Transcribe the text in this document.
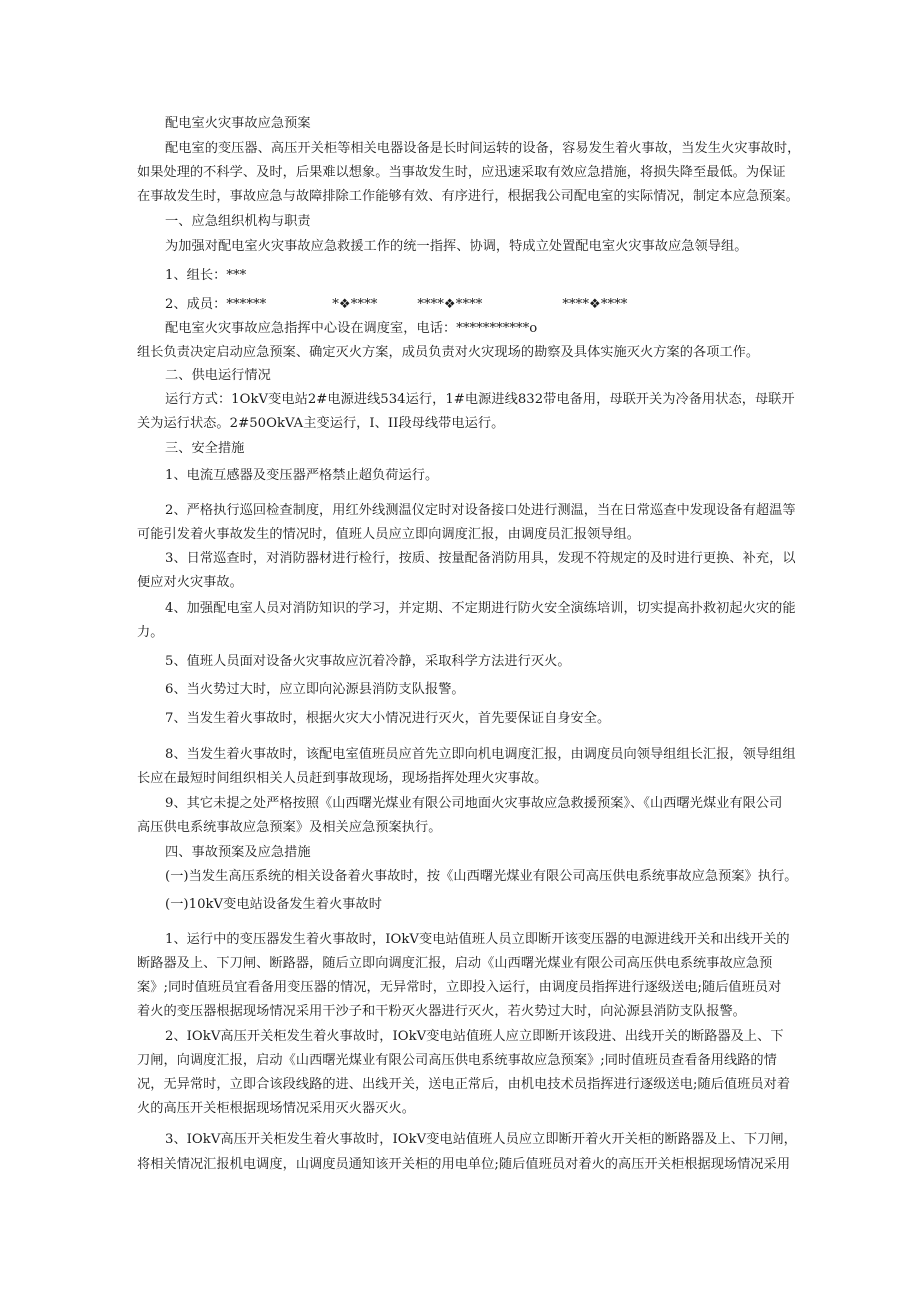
配电室火灾事故应急预案
配电室的变压器、高压开关柜等相关电器设备是长时间运转的设备，容易发生着火事故，当发生火灾事故时，
如果处理的不科学、及时，后果难以想象。当事故发生时，应迅速采取有效应急措施，将损失降至最低。为保证
在事故发生时，事故应急与故障排除工作能够有效、有序进行，根据我公司配电室的实际情况，制定本应急预案。
一、应急组织机构与职责
为加强对配电室火灾事故应急救援工作的统一指挥、协调，特成立处置配电室火灾事故应急领导组。
1、组长：***
2、成员：******	*❖****	****❖****	****❖****
配电室火灾事故应急指挥中心设在调度室，电话：***********o
组长负责决定启动应急预案、确定灭火方案，成员负责对火灾现场的勘察及具体实施灭火方案的各项工作。
二、供电运行情况
运行方式：1OkV变电站2#电源进线534运行，1#电源进线832带电备用，母联开关为冷备用状态，母联开
关为运行状态。2#50OkVA主变运行，I、II段母线带电运行。
三、安全措施
1、电流互感器及变压器严格禁止超负荷运行。
2、严格执行巡回检查制度，用红外线测温仪定时对设备接口处进行测温，当在日常巡查中发现设备有超温等
可能引发着火事故发生的情况时，值班人员应立即向调度汇报，由调度员汇报领导组。
3、日常巡查时，对消防器材进行检行，按质、按量配备消防用具，发现不符规定的及时进行更换、补充，以
便应对火灾事故。
4、加强配电室人员对消防知识的学习，并定期、不定期进行防火安全演练培训，切实提高扑救初起火灾的能
力。
5、值班人员面对设备火灾事故应沉着冷静，采取科学方法进行灭火。
6、当火势过大时，应立即向沁源县消防支队报警。
7、当发生着火事故时，根据火灾大小情况进行灭火，首先要保证自身安全。
8、当发生着火事故时，该配电室值班员应首先立即向机电调度汇报，由调度员向领导组组长汇报，领导组组
长应在最短时间组织相关人员赶到事故现场，现场指挥处理火灾事故。
9、其它未提之处严格按照《山西曙光煤业有限公司地面火灾事故应急救援预案》、《山西曙光煤业有限公司
高压供电系统事故应急预案》及相关应急预案执行。
四、事故预案及应急措施
(一)当发生高压系统的相关设备着火事故时，按《山西曙光煤业有限公司高压供电系统事故应急预案》执行。
(一)10kV变电站设备发生着火事故时
1、运行中的变压器发生着火事故时，IOkV变电站值班人员立即断开该变压器的电源进线开关和出线开关的
断路器及上、下刀闸、断路器，随后立即向调度汇报，启动《山西曙光煤业有限公司高压供电系统事故应急预
案》;同时值班员宜看备用变压器的情况，无异常时，立即投入运行，由调度员指挥进行逐级送电;随后值班员对
着火的变压器根据现场情况采用干沙子和干粉灭火器进行灭火，若火势过大时，向沁源县消防支队报警。
2、IOkV高压开关柜发生着火事故时，IOkV变电站值班人应立即断开该段进、出线开关的断路器及上、下
刀闸，向调度汇报，启动《山西曙光煤业有限公司高压供电系统事故应急预案》;同时值班员查看备用线路的情
况，无异常时，立即合该段线路的进、出线开关，送电正常后，由机电技术员指挥进行逐级送电;随后值班员对着
火的高压开关柜根据现场情况采用灭火器灭火。
3、IOkV高压开关柜发生着火事故时，IOkV变电站值班人员应立即断开着火开关柜的断路器及上、下刀闸，
将相关情况汇报机电调度，山调度员通知该开关柜的用电单位;随后值班员对着火的高压开关柜根据现场情况采用
